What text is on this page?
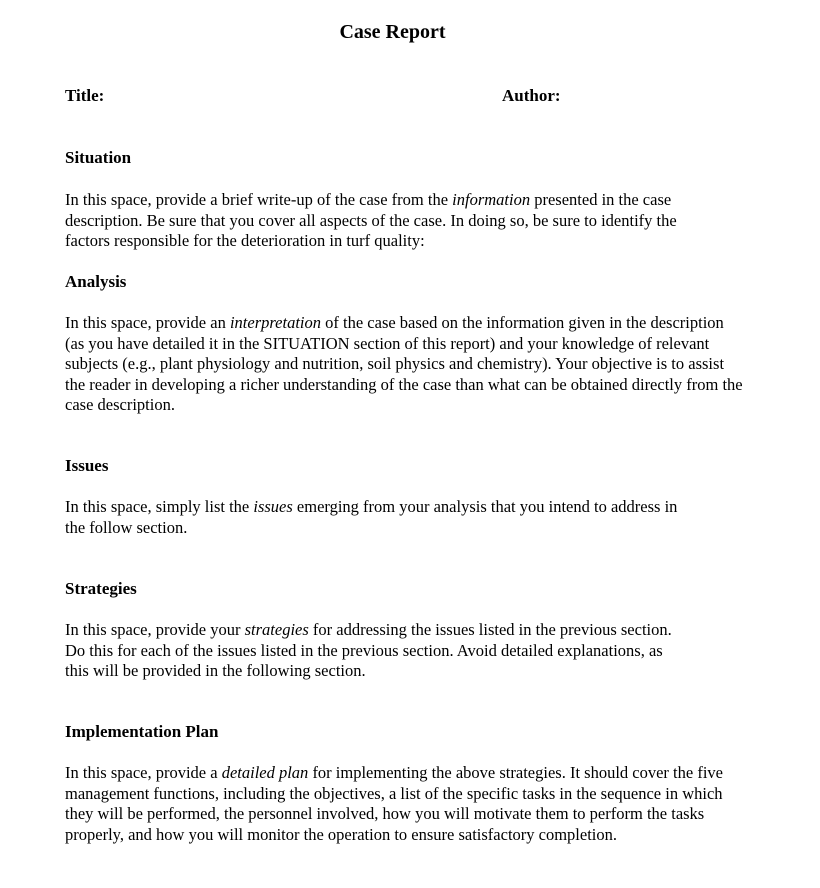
Case Report
Title:	Author:
Situation

In this space, provide a brief write-up of the case from the information presented in the case description. Be sure that you cover all aspects of the case. In doing so, be sure to identify the factors responsible for the deterioration in turf quality:

Analysis

In this space, provide an interpretation of the case based on the information given in the description (as you have detailed it in the SITUATION section of this report) and your knowledge of relevant subjects (e.g., plant physiology and nutrition, soil physics and chemistry). Your objective is to assist the reader in developing a richer understanding of the case than what can be obtained directly from the case description.

Issues

In this space, simply list the issues emerging from your analysis that you intend to address in the follow section.

Strategies

In this space, provide your strategies for addressing the issues listed in the previous section. Do this for each of the issues listed in the previous section. Avoid detailed explanations, as this will be provided in the following section.

Implementation Plan

In this space, provide a detailed plan for implementing the above strategies. It should cover the five management functions, including the objectives, a list of the specific tasks in the sequence in which they will be performed, the personnel involved, how you will motivate them to perform the tasks properly, and how you will monitor the operation to ensure satisfactory completion.
